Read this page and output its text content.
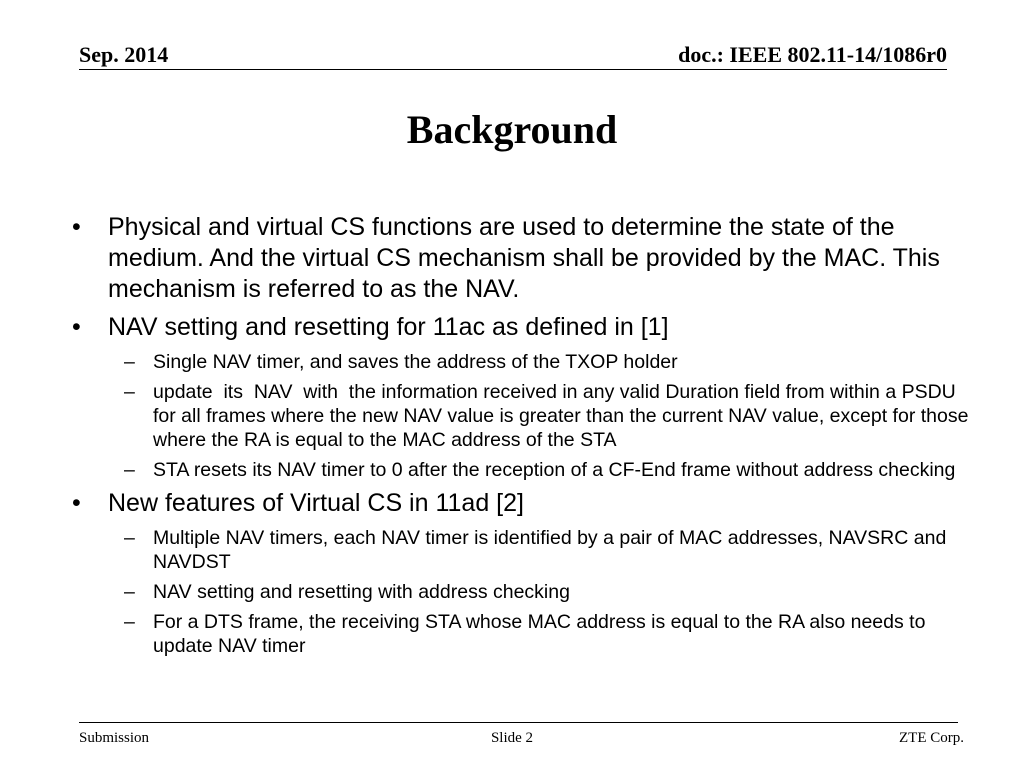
Sep. 2014	doc.: IEEE 802.11-14/1086r0
Background
• Physical and virtual CS functions are used to determine the state of the medium. And the virtual CS mechanism shall be provided by the MAC. This mechanism is referred to as the NAV.
• NAV setting and resetting for 11ac as defined in [1]
– Single NAV timer, and saves the address of the TXOP holder
– update  its  NAV  with  the information received in any valid Duration field from within a PSDU for all frames where the new NAV value is greater than the current NAV value, except for those where the RA is equal to the MAC address of the STA
– STA resets its NAV timer to 0 after the reception of a CF-End frame without address checking
• New features of Virtual CS in 11ad [2]
– Multiple NAV timers, each NAV timer is identified by a pair of MAC addresses, NAVSRC and NAVDST
– NAV setting and resetting with address checking
– For a DTS frame, the receiving STA whose MAC address is equal to the RA also needs to update NAV timer
Submission	Slide 2	ZTE Corp.
